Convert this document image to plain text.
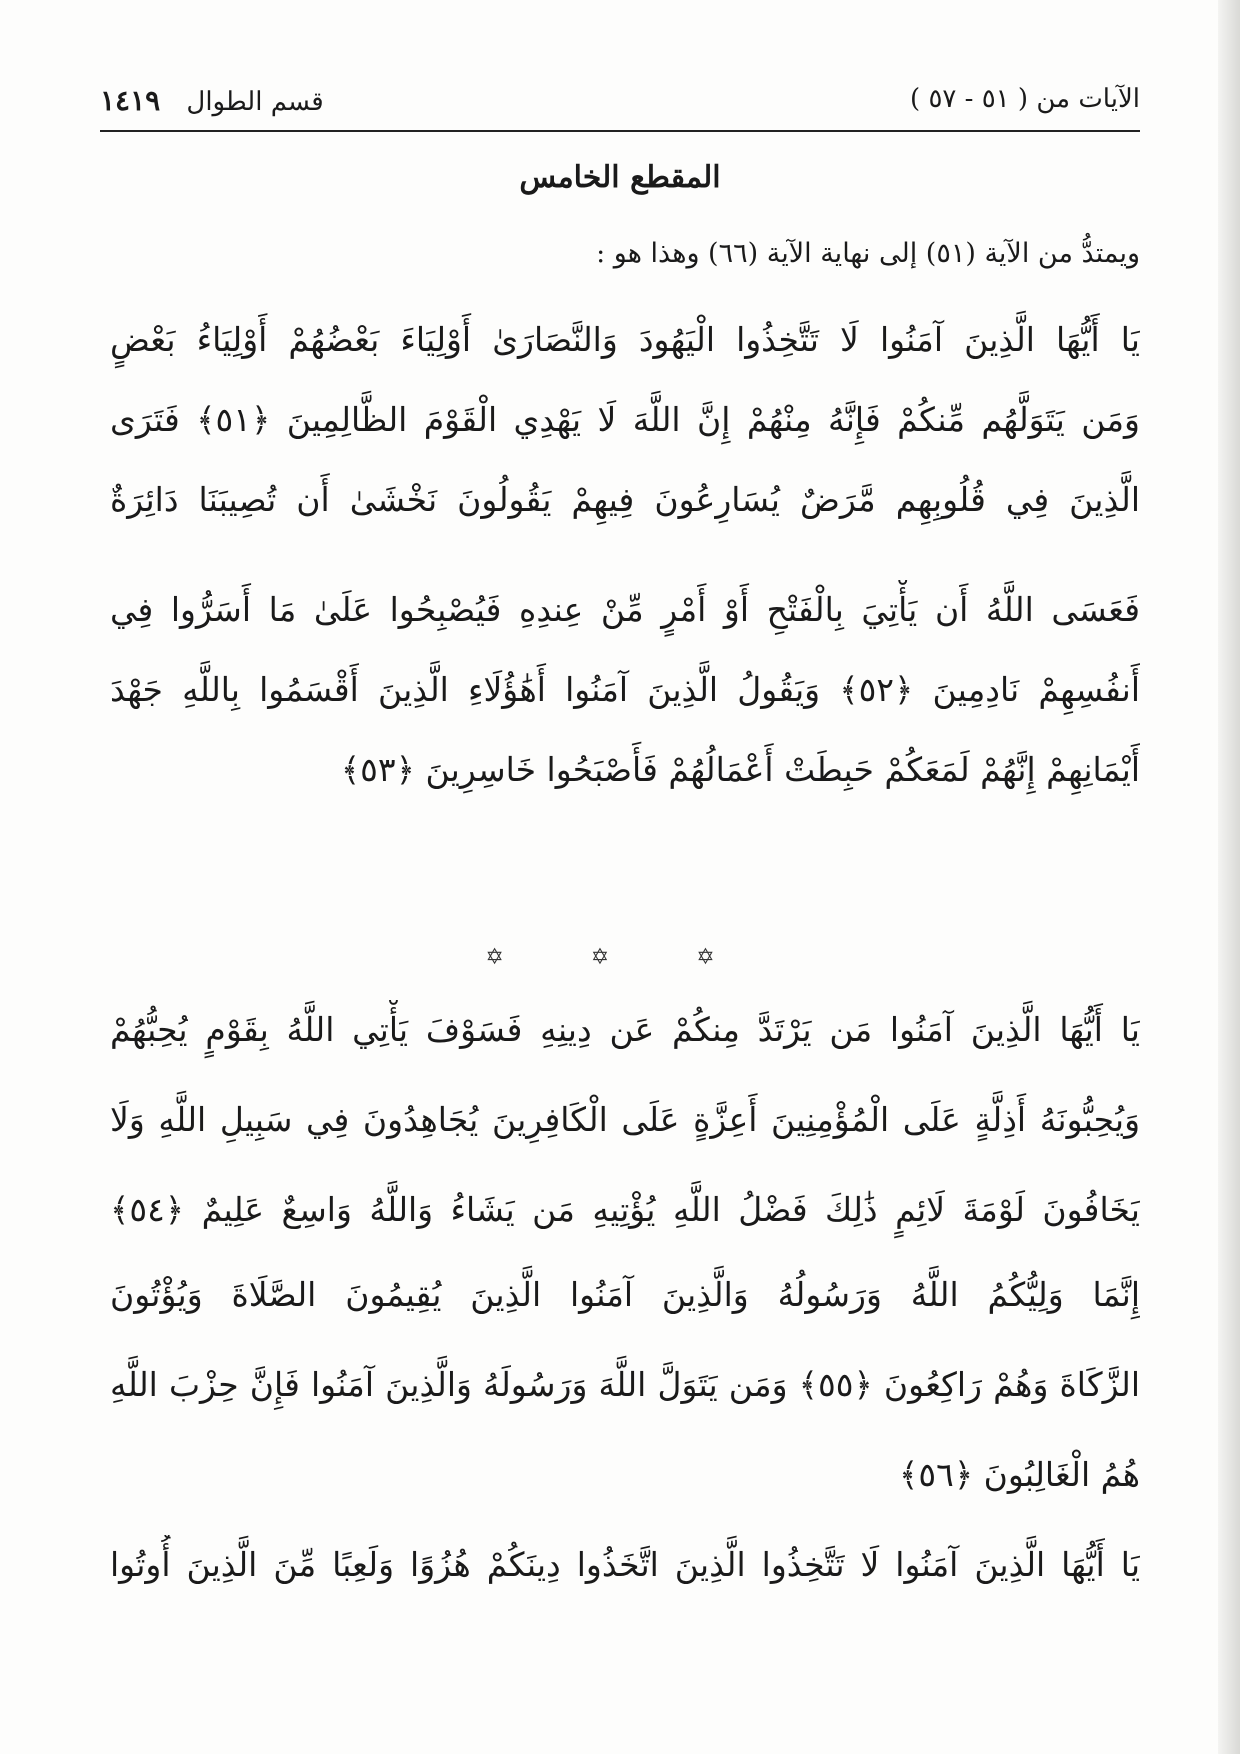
الآيات من ( ٥١ - ٥٧ )
قسم الطوال ١٤١٩
المقطع الخامس
ويمتدُّ من الآية (٥١) إلى نهاية الآية (٦٦) وهذا هو :
يَا أَيُّهَا الَّذِينَ آمَنُوا لَا تَتَّخِذُوا الْيَهُودَ وَالنَّصَارَىٰ أَوْلِيَاءَ بَعْضُهُمْ أَوْلِيَاءُ بَعْضٍ
وَمَن يَتَوَلَّهُم مِّنكُمْ فَإِنَّهُ مِنْهُمْ إِنَّ اللَّهَ لَا يَهْدِي الْقَوْمَ الظَّالِمِينَ ﴿٥١﴾ فَتَرَى
الَّذِينَ فِي قُلُوبِهِم مَّرَضٌ يُسَارِعُونَ فِيهِمْ يَقُولُونَ نَخْشَىٰ أَن تُصِيبَنَا دَائِرَةٌ
فَعَسَى اللَّهُ أَن يَأْتِيَ بِالْفَتْحِ أَوْ أَمْرٍ مِّنْ عِندِهِ فَيُصْبِحُوا عَلَىٰ مَا أَسَرُّوا فِي
أَنفُسِهِمْ نَادِمِينَ ﴿٥٢﴾ وَيَقُولُ الَّذِينَ آمَنُوا أَهَٰؤُلَاءِ الَّذِينَ أَقْسَمُوا بِاللَّهِ جَهْدَ
أَيْمَانِهِمْ إِنَّهُمْ لَمَعَكُمْ حَبِطَتْ أَعْمَالُهُمْ فَأَصْبَحُوا خَاسِرِينَ ﴿٥٣﴾
✡ ✡ ✡
يَا أَيُّهَا الَّذِينَ آمَنُوا مَن يَرْتَدَّ مِنكُمْ عَن دِينِهِ فَسَوْفَ يَأْتِي اللَّهُ بِقَوْمٍ يُحِبُّهُمْ
وَيُحِبُّونَهُ أَذِلَّةٍ عَلَى الْمُؤْمِنِينَ أَعِزَّةٍ عَلَى الْكَافِرِينَ يُجَاهِدُونَ فِي سَبِيلِ اللَّهِ وَلَا
يَخَافُونَ لَوْمَةَ لَائِمٍ ذَٰلِكَ فَضْلُ اللَّهِ يُؤْتِيهِ مَن يَشَاءُ وَاللَّهُ وَاسِعٌ عَلِيمٌ ﴿٥٤﴾
إِنَّمَا وَلِيُّكُمُ اللَّهُ وَرَسُولُهُ وَالَّذِينَ آمَنُوا الَّذِينَ يُقِيمُونَ الصَّلَاةَ وَيُؤْتُونَ
الزَّكَاةَ وَهُمْ رَاكِعُونَ ﴿٥٥﴾ وَمَن يَتَوَلَّ اللَّهَ وَرَسُولَهُ وَالَّذِينَ آمَنُوا فَإِنَّ حِزْبَ اللَّهِ
هُمُ الْغَالِبُونَ ﴿٥٦﴾
يَا أَيُّهَا الَّذِينَ آمَنُوا لَا تَتَّخِذُوا الَّذِينَ اتَّخَذُوا دِينَكُمْ هُزُوًا وَلَعِبًا مِّنَ الَّذِينَ أُوتُوا
